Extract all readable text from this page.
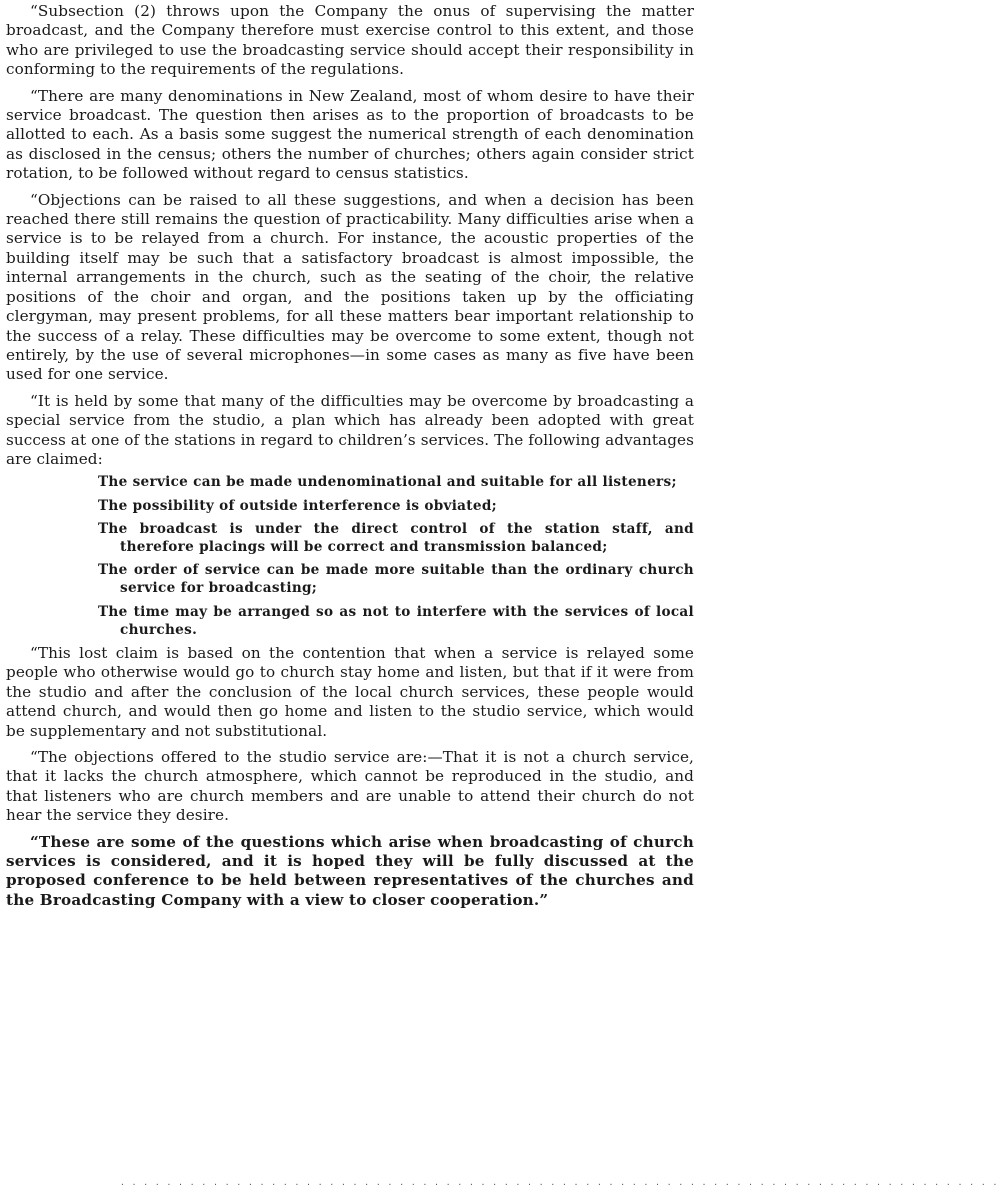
“Subsection (2) throws upon the Company the onus of supervising the matter broadcast, and the Company therefore must exercise control to this extent, and those who are privileged to use the broadcasting service should accept their responsibility in conforming to the requirements of the regulations.

“There are many denominations in New Zealand, most of whom desire to have their service broadcast. The question then arises as to the proportion of broadcasts to be allotted to each. As a basis some suggest the numerical strength of each denomination as disclosed in the census; others the number of churches; others again consider strict rotation, to be followed without regard to census statistics.

“Objections can be raised to all these suggestions, and when a decision has been reached there still remains the question of practicability. Many difficulties arise when a service is to be relayed from a church. For instance, the acoustic properties of the building itself may be such that a satisfactory broadcast is almost impossible, the internal arrangements in the church, such as the seating of the choir, the relative positions of the choir and organ, and the positions taken up by the officiating clergyman, may present problems, for all these matters bear important relationship to the success of a relay. These difficulties may be overcome to some extent, though not entirely, by the use of several microphones—in some cases as many as five have been used for one service.

“It is held by some that many of the difficulties may be overcome by broadcasting a special service from the studio, a plan which has already been adopted with great success at one of the stations in regard to children’s services. The following advantages are claimed:

The service can be made undenominational and suitable for all listeners;
The possibility of outside interference is obviated;
The broadcast is under the direct control of the station staff, and therefore placings will be correct and transmission balanced;
The order of service can be made more suitable than the ordinary church service for broadcasting;
The time may be arranged so as not to interfere with the services of local churches.

“This lost claim is based on the contention that when a service is relayed some people who otherwise would go to church stay home and listen, but that if it were from the studio and after the conclusion of the local church services, these people would attend church, and would then go home and listen to the studio service, which would be supplementary and not substitutional.

“The objections offered to the studio service are:—That it is not a church service, that it lacks the church atmosphere, which cannot be reproduced in the studio, and that listeners who are church members and are unable to attend their church do not hear the service they desire.

“These are some of the questions which arise when broadcasting of church services is considered, and it is hoped they will be fully discussed at the proposed conference to be held between representatives of the churches and the Broadcasting Company with a view to closer cooperation.”

· · · · · · · · · · · · · · · · · · · · · · · · · · · · · · · · · · · · · · · · · · · · · · · · · · · · · · · · · · · · · · · · · · · · · · · · · · · ·
